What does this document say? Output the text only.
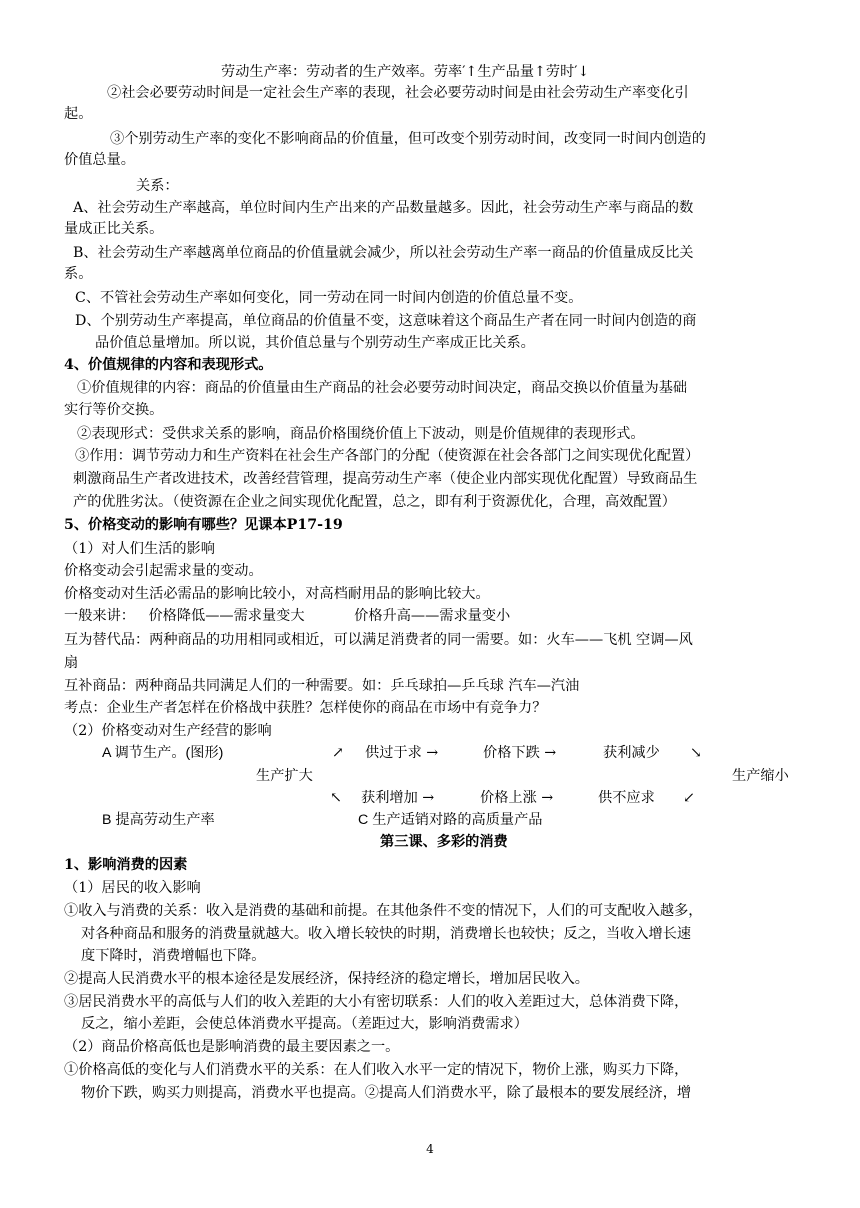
劳动生产率：劳动者的生产效率。劳率′↑生产品量↑劳时′↓
②社会必要劳动时间是一定社会生产率的表现，社会必要劳动时间是由社会劳动生产率变化引
起。
③个别劳动生产率的变化不影响商品的价值量，但可改变个别劳动时间，改变同一时间内创造的
价值总量。
关系：
A、社会劳动生产率越高，单位时间内生产出来的产品数量越多。因此，社会劳动生产率与商品的数
量成正比关系。
B、社会劳动生产率越离单位商品的价值量就会减少，所以社会劳动生产率一商品的价值量成反比关
系。
C、不管社会劳动生产率如何变化，同一劳动在同一时间内创造的价值总量不变。
D、个别劳动生产率提高，单位商品的价值量不变，这意味着这个商品生产者在同一时间内创造的商
品价值总量增加。所以说，其价值总量与个别劳动生产率成正比关系。
4、价值规律的内容和表现形式。
①价值规律的内容：商品的价值量由生产商品的社会必要劳动时间决定，商品交换以价值量为基础
实行等价交换。
②表现形式：受供求关系的影响，商品价格围绕价值上下波动，则是价值规律的表现形式。
③作用：调节劳动力和生产资料在社会生产各部门的分配（使资源在社会各部门之间实现优化配置）
刺激商品生产者改进技术，改善经营管理，提高劳动生产率（使企业内部实现优化配置）导致商品生
产的优胜劣汰。（使资源在企业之间实现优化配置，总之，即有利于资源优化，合理，高效配置）
5、价格变动的影响有哪些？见课本P17-19
（1）对人们生活的影响
价格变动会引起需求量的变动。
价格变动对生活必需品的影响比较小，对高档耐用品的影响比较大。
一般来讲：   价格降低——需求量变大           价格升高——需求量变小
互为替代品：两种商品的功用相同或相近，可以满足消费者的同一需要。如：火车——飞机 空调—风
扇
互补商品：两种商品共同满足人们的一种需要。如：乒乓球拍—乒乓球 汽车—汽油
考点：企业生产者怎样在价格战中获胜？怎样使你的商品在市场中有竞争力？
（2）价格变动对生产经营的影响
A 调节生产。(图形)	↗ 供过于求 →	价格下跌 →	获利减少 ↘
生产扩大	生产缩小
↖ 获利增加 →	价格上涨 →	供不应求 ↙
B 提高劳动生产率	C 生产适销对路的高质量产品
第三课、多彩的消费
1、影响消费的因素
（1）居民的收入影响
①收入与消费的关系：收入是消费的基础和前提。在其他条件不变的情况下，人们的可支配收入越多，
对各种商品和服务的消费量就越大。收入增长较快的时期，消费增长也较快；反之，当收入增长速
度下降时，消费增幅也下降。
②提高人民消费水平的根本途径是发展经济，保持经济的稳定增长，增加居民收入。
③居民消费水平的高低与人们的收入差距的大小有密切联系：人们的收入差距过大，总体消费下降，
反之，缩小差距，会使总体消费水平提高。（差距过大，影响消费需求）
（2）商品价格高低也是影响消费的最主要因素之一。
①价格高低的变化与人们消费水平的关系：在人们收入水平一定的情况下，物价上涨，购买力下降，
物价下跌，购买力则提高，消费水平也提高。②提高人们消费水平，除了最根本的要发展经济，增
4
